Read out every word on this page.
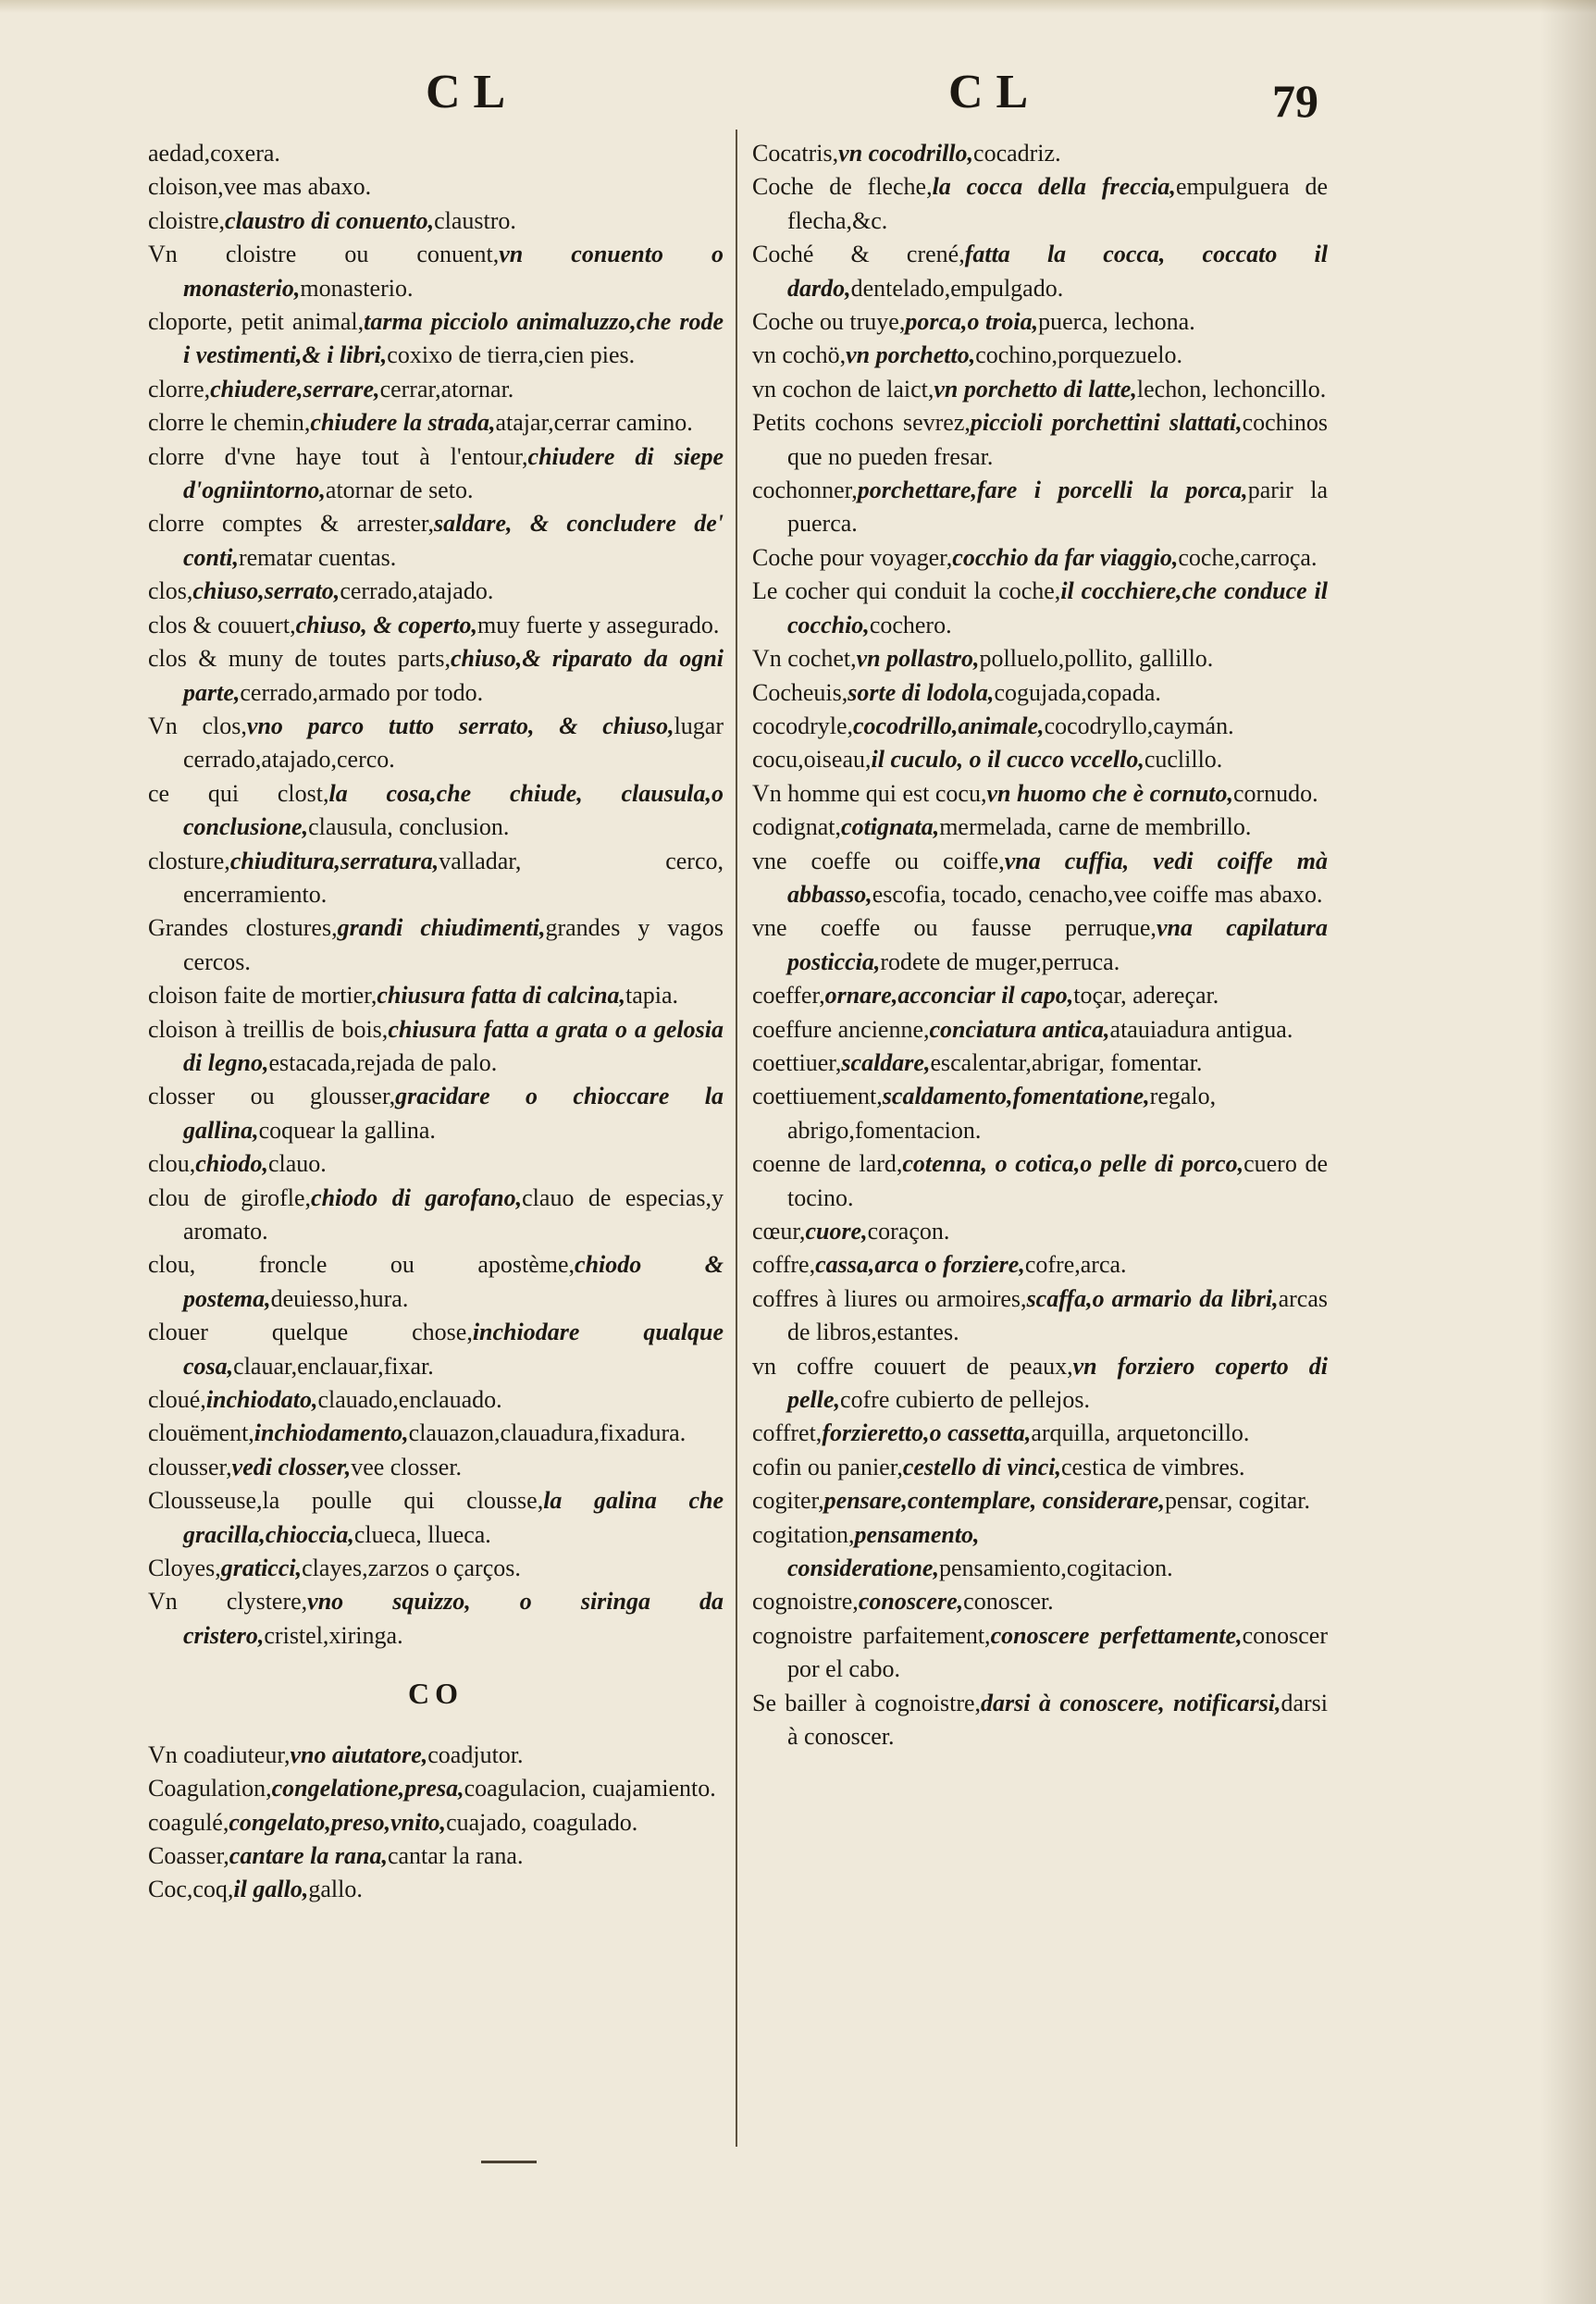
CL	CL	79

aedad,coxera.

cloison,vee mas abaxo.

cloistre,claustro di conuento,claustro.

Vn cloistre ou conuent,vn conuento o monasterio,monasterio.

cloporte, petit animal,tarma picciolo animaluzzo,che rode i vestimenti,& i libri,coxixo de tierra,cien pies.

clorre,chiudere,serrare,cerrar,atornar.

clorre le chemin,chiudere la strada,atajar,cerrar camino.

clorre d'vne haye tout à l'entour,chiudere di siepe d'ogniintorno,atornar de seto.

clorre comptes & arrester,saldare, & concludere de' conti,rematar cuentas.

clos,chiuso,serrato,cerrado,atajado.

clos & couuert,chiuso, & coperto,muy fuerte y assegurado.

clos & muny de toutes parts,chiuso,& riparato da ogni parte,cerrado,armado por todo.

Vn clos,vno parco tutto serrato, & chiuso,lugar cerrado,atajado,cerco.

ce qui clost,la cosa,che chiude, clausula,o conclusione,clausula, conclusion.

closture,chiuditura,serratura,valladar, cerco, encerramiento.

Grandes clostures,grandi chiudimenti,grandes y vagos cercos.

cloison faite de mortier,chiusura fatta di calcina,tapia.

cloison à treillis de bois,chiusura fatta a grata o a gelosia di legno,estacada,rejada de palo.

closser ou glousser,gracidare o chioccare la gallina,coquear la gallina.

clou,chiodo,clauo.

clou de girofle,chiodo di garofano,clauo de especias,y aromato.

clou, froncle ou apostème,chiodo & postema,deuiesso,hura.

clouer quelque chose,inchiodare qualque cosa,clauar,enclauar,fixar.

cloué,inchiodato,clauado,enclauado.

clouëment,inchiodamento,clauazon,clauadura,fixadura.

clousser,vedi closser,vee closser.

Clousseuse,la poulle qui clousse,la galina che gracilla,chioccia,clueca, llueca.

Cloyes,graticci,clayes,zarzos o çarços.

Vn clystere,vno squizzo, o siringa da cristero,cristel,xiringa.

CO

Vn coadiuteur,vno aiutatore,coadjutor.

Coagulation,congelatione,presa,coagulacion, cuajamiento.

coagulé,congelato,preso,vnito,cuajado, coagulado.

Coasser,cantare la rana,cantar la rana.

Coc,coq,il gallo,gallo.

Cocatris,vn cocodrillo,cocadriz.

Coche de fleche,la cocca della freccia,empulguera de flecha,&c.

Coché & crené,fatta la cocca, coccato il dardo,dentelado,empulgado.

Coche ou truye,porca,o troia,puerca, lechona.

vn cochö,vn porchetto,cochino,porquezuelo.

vn cochon de laict,vn porchetto di latte,lechon, lechoncillo.

Petits cochons sevrez,piccioli porchettini slattati,cochinos que no pueden fresar.

cochonner,porchettare,fare i porcelli la porca,parir la puerca.

Coche pour voyager,cocchio da far viaggio,coche,carroça.

Le cocher qui conduit la coche,il cocchiere,che conduce il cocchio,cochero.

Vn cochet,vn pollastro,polluelo,pollito, gallillo.

Cocheuis,sorte di lodola,cogujada,copada.

cocodryle,cocodrillo,animale,cocodryllo,caymán.

cocu,oiseau,il cuculo, o il cucco vccello,cuclillo.

Vn homme qui est cocu,vn huomo che è cornuto,cornudo.

codignat,cotignata,mermelada, carne de membrillo.

vne coeffe ou coiffe,vna cuffia, vedi coiffe mà abbasso,escofia, tocado, cenacho,vee coiffe mas abaxo.

vne coeffe ou fausse perruque,vna capilatura posticcia,rodete de muger,perruca.

coeffer,ornare,acconciar il capo,toçar, adereçar.

coeffure ancienne,conciatura antica,atauiadura antigua.

coettiuer,scaldare,escalentar,abrigar, fomentar.

coettiuement,scaldamento,fomentatione,regalo, abrigo,fomentacion.

coenne de lard,cotenna, o cotica,o pelle di porco,cuero de tocino.

cœur,cuore,coraçon.

coffre,cassa,arca o forziere,cofre,arca.

coffres à liures ou armoires,scaffa,o armario da libri,arcas de libros,estantes.

vn coffre couuert de peaux,vn forziero coperto di pelle,cofre cubierto de pellejos.

coffret,forzieretto,o cassetta,arquilla, arquetoncillo.

cofin ou panier,cestello di vinci,cestica de vimbres.

cogiter,pensare,contemplare, considerare,pensar, cogitar.

cogitation,pensamento, consideratione,pensamiento,cogitacion.

cognoistre,conoscere,conoscer.

cognoistre parfaitement,conoscere perfettamente,conoscer por el cabo.

Se bailler à cognoistre,darsi à conoscere, notificarsi,darsi à conoscer.
